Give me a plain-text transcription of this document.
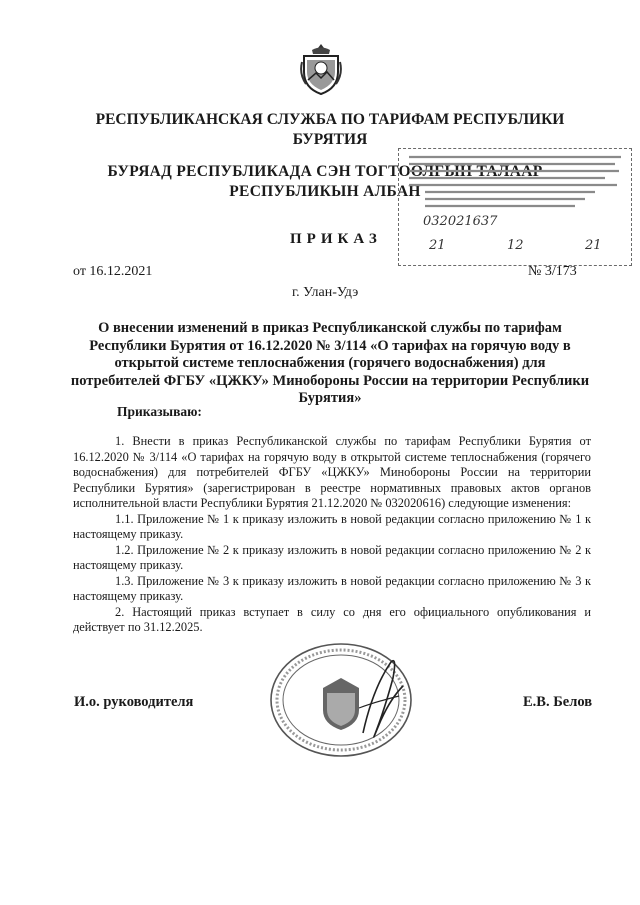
РЕСПУБЛИКАНСКАЯ СЛУЖБА ПО ТАРИФАМ РЕСПУБЛИКИ БУРЯТИЯ
БУРЯАД РЕСПУБЛИКАДА СЭН ТОГТООЛГЫН ТАЛААР РЕСПУБЛИКЫН АЛБАН
032021637
21	12	21
ПРИКАЗ
от 16.12.2021	№ 3/173
г. Улан-Удэ
О внесении изменений в приказ Республиканской службы по тарифам Республики Бурятия от 16.12.2020 № 3/114 «О тарифах на горячую воду в открытой системе теплоснабжения (горячего водоснабжения) для потребителей ФГБУ «ЦЖКУ» Минобороны России на территории Республики Бурятия»
Приказываю:

1. Внести в приказ Республиканской службы по тарифам Республики Бурятия от 16.12.2020 № 3/114 «О тарифах на горячую воду в открытой системе теплоснабжения (горячего водоснабжения) для потребителей ФГБУ «ЦЖКУ» Минобороны России на территории Республики Бурятия» (зарегистрирован в реестре нормативных правовых актов органов исполнительной власти Республики Бурятия 21.12.2020 № 032020616) следующие изменения:

1.1. Приложение № 1 к приказу изложить в новой редакции согласно приложению № 1 к настоящему приказу.

1.2. Приложение № 2 к приказу изложить в новой редакции согласно приложению № 2 к настоящему приказу.

1.3. Приложение № 3 к приказу изложить в новой редакции согласно приложению № 3 к настоящему приказу.

2. Настоящий приказ вступает в силу со дня его официального опубликования и действует по 31.12.2025.

И.о. руководителя	Е.В. Белов
